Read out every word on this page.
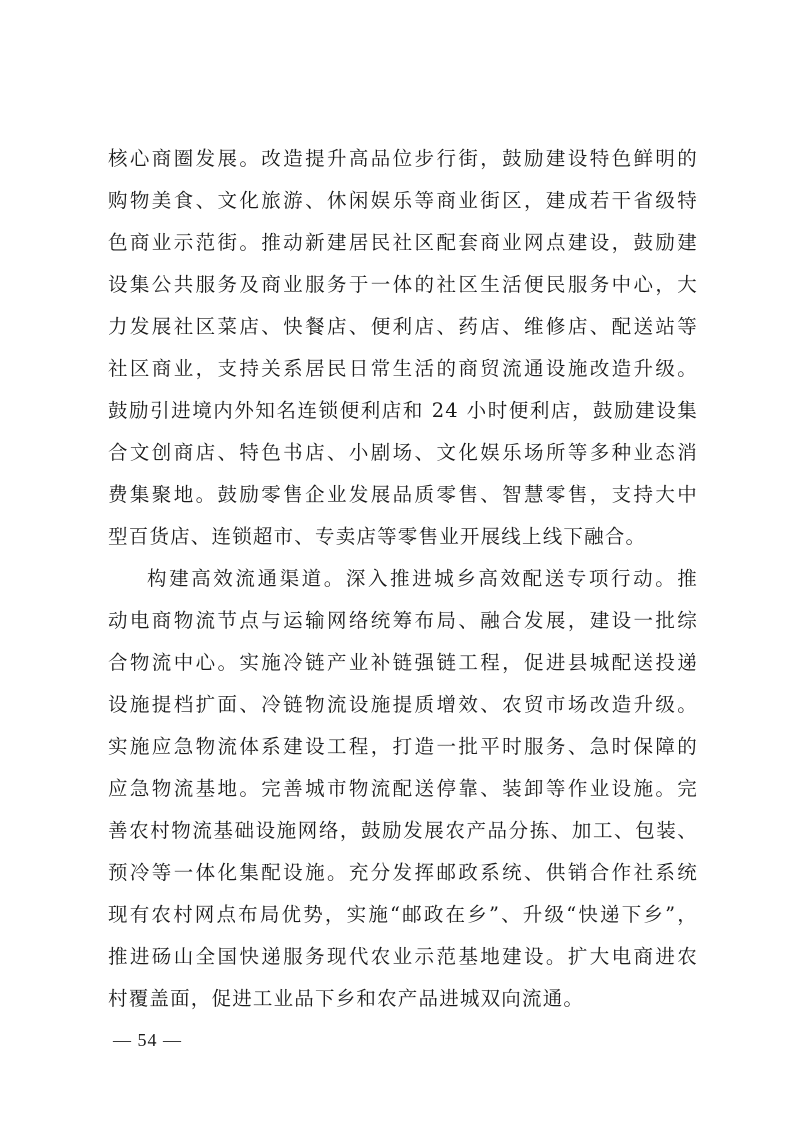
核心商圈发展。改造提升高品位步行街，鼓励建设特色鲜明的
购物美食、文化旅游、休闲娱乐等商业街区，建成若干省级特
色商业示范街。推动新建居民社区配套商业网点建设，鼓励建
设集公共服务及商业服务于一体的社区生活便民服务中心，大
力发展社区菜店、快餐店、便利店、药店、维修店、配送站等
社区商业，支持关系居民日常生活的商贸流通设施改造升级。
鼓励引进境内外知名连锁便利店和 24 小时便利店，鼓励建设集
合文创商店、特色书店、小剧场、文化娱乐场所等多种业态消
费集聚地。鼓励零售企业发展品质零售、智慧零售，支持大中
型百货店、连锁超市、专卖店等零售业开展线上线下融合。
构建高效流通渠道。深入推进城乡高效配送专项行动。推
动电商物流节点与运输网络统筹布局、融合发展，建设一批综
合物流中心。实施冷链产业补链强链工程，促进县城配送投递
设施提档扩面、冷链物流设施提质增效、农贸市场改造升级。
实施应急物流体系建设工程，打造一批平时服务、急时保障的
应急物流基地。完善城市物流配送停靠、装卸等作业设施。完
善农村物流基础设施网络，鼓励发展农产品分拣、加工、包装、
预冷等一体化集配设施。充分发挥邮政系统、供销合作社系统
现有农村网点布局优势，实施“邮政在乡”、升级“快递下乡”，
推进砀山全国快递服务现代农业示范基地建设。扩大电商进农
村覆盖面，促进工业品下乡和农产品进城双向流通。
— 54 —
